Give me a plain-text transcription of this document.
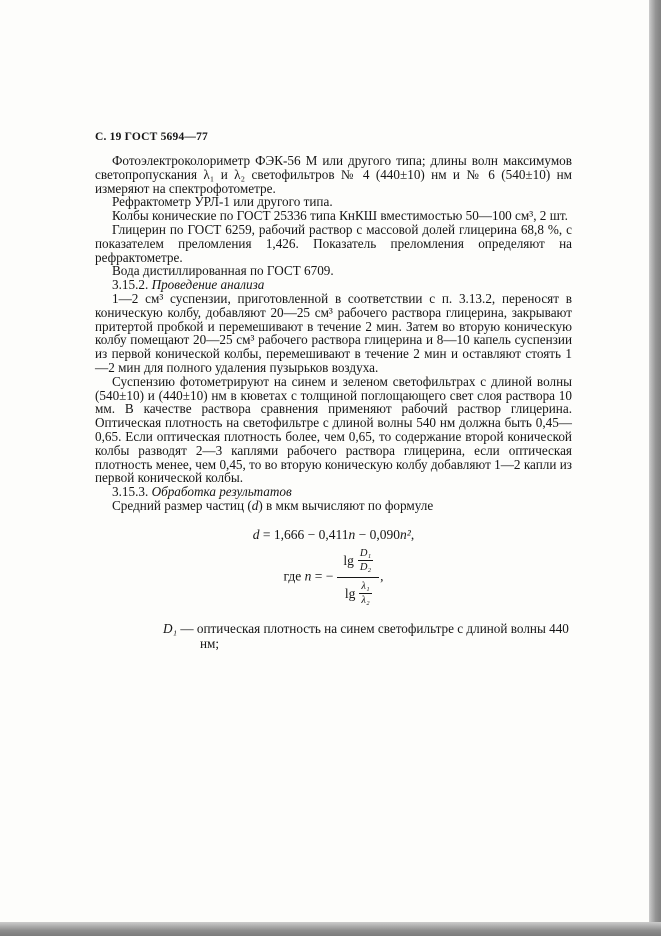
С. 19 ГОСТ 5694—77

Фотоэлектроколориметр ФЭК-56 М или другого типа; длины волн максимумов светопропускания λ₁ и λ₂ светофильтров № 4 (440±10) нм и № 6 (540±10) нм измеряют на спектрофотометре.

Рефрактометр УРЛ-1 или другого типа.

Колбы конические по ГОСТ 25336 типа КнКШ вместимостью 50—100 см³, 2 шт.

Глицерин по ГОСТ 6259, рабочий раствор с массовой долей глицерина 68,8 %, с показателем преломления 1,426. Показатель преломления определяют на рефрактометре.

Вода дистиллированная по ГОСТ 6709.

3.15.2. Проведение анализа

1—2 см³ суспензии, приготовленной в соответствии с п. 3.13.2, переносят в коническую колбу, добавляют 20—25 см³ рабочего раствора глицерина, закрывают притертой пробкой и перемешивают в течение 2 мин. Затем во вторую коническую колбу помещают 20—25 см³ рабочего раствора глицерина и 8—10 капель суспензии из первой конической колбы, перемешивают в течение 2 мин и оставляют стоять 1—2 мин для полного удаления пузырьков воздуха.

Суспензию фотометрируют на синем и зеленом светофильтрах с длиной волны (540±10) и (440±10) нм в кюветах с толщиной поглощающего свет слоя раствора 10 мм. В качестве раствора сравнения применяют рабочий раствор глицерина. Оптическая плотность на светофильтре с длиной волны 540 нм должна быть 0,45—0,65. Если оптическая плотность более, чем 0,65, то содержание второй конической колбы разводят 2—3 каплями рабочего раствора глицерина, если оптическая плотность менее, чем 0,45, то во вторую коническую колбу добавляют 1—2 капли из первой конической колбы.

3.15.3. Обработка результатов

Средний размер частиц (d) в мкм вычисляют по формуле

d = 1,666 − 0,411n − 0,090n²,
где n = − lg D₁
D₂
lg λ₁
λ₂ ,
D₁ — оптическая плотность на синем светофильтре с длиной волны 440 нм;
